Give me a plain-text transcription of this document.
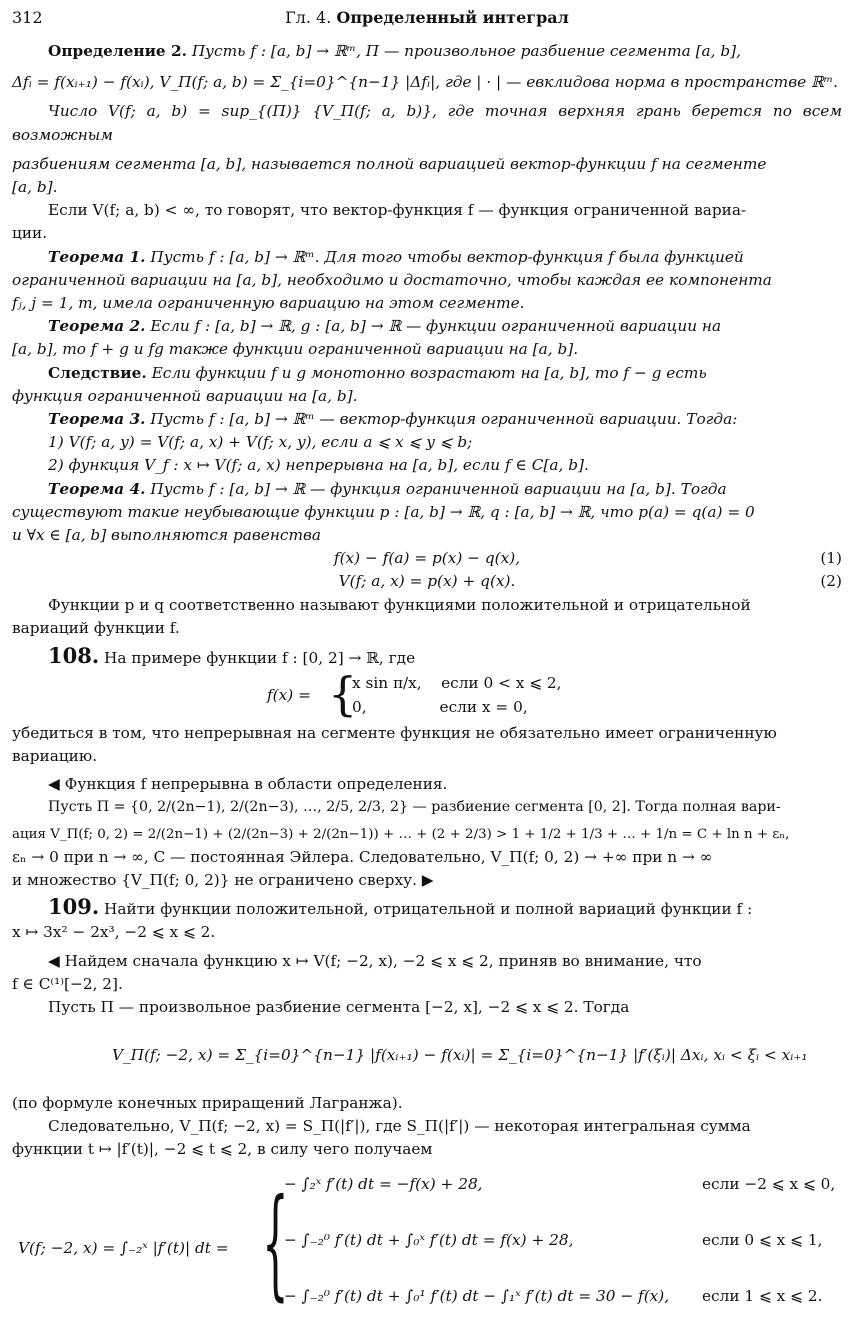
312	Гл. 4. Определенный интеграл

Определение 2. Пусть f : [a, b] → ℝᵐ, Π — произвольное разбиение сегмента [a, b],

Δfᵢ = f(xᵢ₊₁) − f(xᵢ), V_Π(f; a, b) = Σ_{i=0}^{n−1} |Δfᵢ|, где | · | — евклидова норма в пространстве ℝᵐ.

Число V(f; a, b) = sup_{(Π)} {V_Π(f; a, b)}, где точная верхняя грань берется по всем возможным

разбиениям сегмента [a, b], называется полной вариацией вектор-функции f на сегменте

[a, b].

Если V(f; a, b) < ∞, то говорят, что вектор-функция f — функция ограниченной вариа-

ции.

Теорема 1. Пусть f : [a, b] → ℝᵐ. Для того чтобы вектор-функция f была функцией

ограниченной вариации на [a, b], необходимо и достаточно, чтобы каждая ее компонента

fⱼ, j = 1, m, имела ограниченную вариацию на этом сегменте.

Теорема 2. Если f : [a, b] → ℝ, g : [a, b] → ℝ — функции ограниченной вариации на

[a, b], то f + g и fg также функции ограниченной вариации на [a, b].

Следствие. Если функции f и g монотонно возрастают на [a, b], то f − g есть

функция ограниченной вариации на [a, b].

Теорема 3. Пусть f : [a, b] → ℝᵐ — вектор-функция ограниченной вариации. Тогда:

1) V(f; a, y) = V(f; a, x) + V(f; x, y), если a ⩽ x ⩽ y ⩽ b;

2) функция V_f : x ↦ V(f; a, x) непрерывна на [a, b], если f ∈ C[a, b].

Теорема 4. Пусть f : [a, b] → ℝ — функция ограниченной вариации на [a, b]. Тогда

существуют такие неубывающие функции p : [a, b] → ℝ, q : [a, b] → ℝ, что p(a) = q(a) = 0

и ∀x ∈ [a, b] выполняются равенства

f(x) − f(a) = p(x) − q(x),	(1)
V(f; a, x) = p(x) + q(x).	(2)

Функции p и q соответственно называют функциями положительной и отрицательной

вариаций функции f.

108. На примере функции f : [0, 2] → ℝ, где

f(x) = {
x sin π/x,    если 0 < x ⩽ 2,
0,               если x = 0,

убедиться в том, что непрерывная на сегменте функция не обязательно имеет ограниченную

вариацию.

◀ Функция f непрерывна в области определения.

Пусть Π = {0, 2/(2n−1), 2/(2n−3), …, 2/5, 2/3, 2} — разбиение сегмента [0, 2]. Тогда полная вари-

ация V_Π(f; 0, 2) = 2/(2n−1) + (2/(2n−3) + 2/(2n−1)) + … + (2 + 2/3) > 1 + 1/2 + 1/3 + … + 1/n = C + ln n + εₙ,

εₙ → 0 при n → ∞, C — постоянная Эйлера. Следовательно, V_Π(f; 0, 2) → +∞ при n → ∞

и множество {V_Π(f; 0, 2)} не ограничено сверху. ▶

109. Найти функции положительной, отрицательной и полной вариаций функции f :

x ↦ 3x² − 2x³, −2 ⩽ x ⩽ 2.

◀ Найдем сначала функцию x ↦ V(f; −2, x), −2 ⩽ x ⩽ 2, приняв во внимание, что

f ∈ C⁽¹⁾[−2, 2].

Пусть Π — произвольное разбиение сегмента [−2, x], −2 ⩽ x ⩽ 2. Тогда

V_Π(f; −2, x) = Σ_{i=0}^{n−1} |f(xᵢ₊₁) − f(xᵢ)| = Σ_{i=0}^{n−1} |f′(ξᵢ)| Δxᵢ, xᵢ < ξᵢ < xᵢ₊₁

(по формуле конечных приращений Лагранжа).

Следовательно, V_Π(f; −2, x) = S_Π(|f′|), где S_Π(|f′|) — некоторая интегральная сумма

функции t ↦ |f′(t)|, −2 ⩽ t ⩽ 2, в силу чего получаем

V(f; −2, x) = ∫₋₂ˣ |f′(t)| dt = {
− ∫₂ˣ f′(t) dt = −f(x) + 28,	если −2 ⩽ x ⩽ 0,
− ∫₋₂⁰ f′(t) dt + ∫₀ˣ f′(t) dt = f(x) + 28,	если 0 ⩽ x ⩽ 1,
− ∫₋₂⁰ f′(t) dt + ∫₀¹ f′(t) dt − ∫₁ˣ f′(t) dt = 30 − f(x), если 1 ⩽ x ⩽ 2.
